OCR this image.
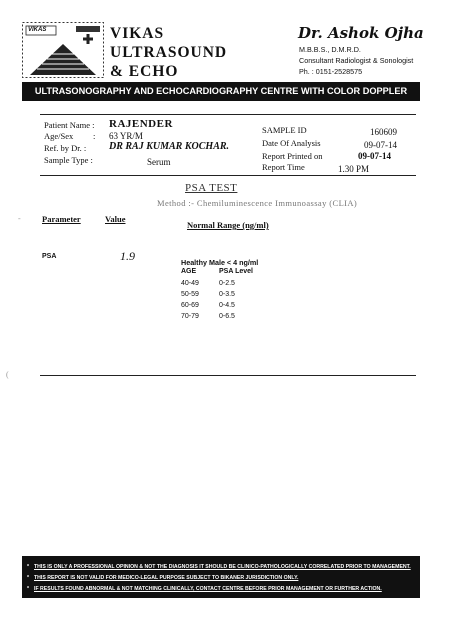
VIKAS	VIKAS
ULTRASOUND
& ECHO
Dr. Ashok Ojha
M.B.B.S., D.M.R.D.
Consultant Radiologist & Sonologist
Ph. : 0151-2528575
ULTRASONOGRAPHY AND ECHOCARDIOGRAPHY CENTRE WITH COLOR DOPPLER
Patient Name : RAJENDER
Age/Sex : 63 YR/M
Ref. by Dr. : DR RAJ KUMAR KOCHAR.
Sample Type :	Serum
SAMPLE ID	160609
Date Of Analysis	09-07-14
Report Printed on	09-07-14
Report Time	1.30 PM
PSA TEST
Method :- Chemiluminescence Immunoassay (CLIA)
Parameter	Value
Normal Range (ng/ml)
PSA	1.9	Healthy Male < 4 ng/ml
AGE	PSA Level
40-49	0-2.5
50-59	0-3.5
60-69	0-4.5
70-79	0-6.5
-
(
* THIS IS ONLY A PROFESSIONAL OPINION & NOT THE DIAGNOSIS IT SHOULD BE CLINICO-PATHOLOGICALLY CORRELATED PRIOR TO MANAGEMENT.
* THIS REPORT IS NOT VALID FOR MEDICO-LEGAL PURPOSE SUBJECT TO BIKANER JURISDICTION ONLY.
* IF RESULTS FOUND ABNORMAL & NOT MATCHING CLINICALLY, CONTACT CENTRE BEFORE PRIOR MANAGEMENT OR FURTHER ACTION.
